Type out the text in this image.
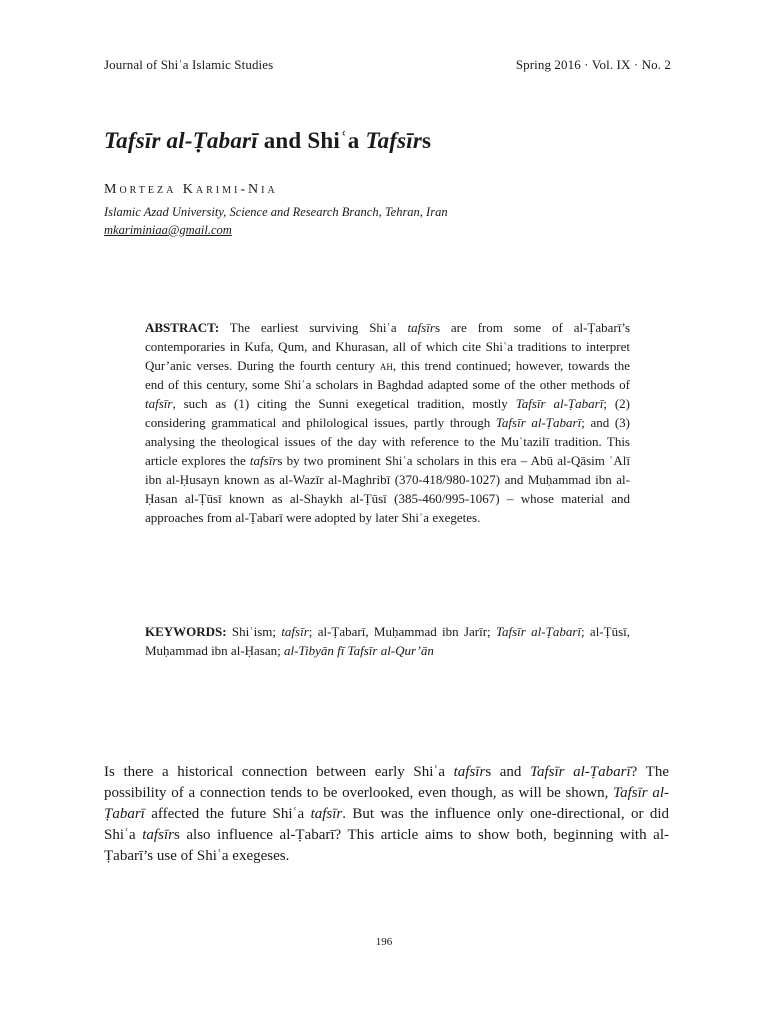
Journal of Shiʿa Islamic Studies	Spring 2016 · Vol. IX · No. 2
Tafsīr al-Ṭabarī and Shiʿa Tafsīrs
Morteza Karimi-Nia
Islamic Azad University, Science and Research Branch, Tehran, Iran
mkariminiaa@gmail.com

ABSTRACT: The earliest surviving Shiʿa tafsīrs are from some of al-Ṭabarī’s contemporaries in Kufa, Qum, and Khurasan, all of which cite Shiʿa traditions to interpret Qur’anic verses. During the fourth century ah, this trend continued; however, towards the end of this century, some Shiʿa scholars in Baghdad adapted some of the other methods of tafsīr, such as (1) citing the Sunni exegetical tradition, mostly Tafsīr al-Ṭabarī; (2) considering grammatical and philological issues, partly through Tafsīr al-Ṭabarī; and (3) analysing the theological issues of the day with reference to the Muʿtazilī tradition. This article explores the tafsīrs by two prominent Shiʿa scholars in this era – Abū al-Qāsim ʿAlī ibn al-Ḥusayn known as al-Wazīr al-Maghribī (370-418/980-1027) and Muḥammad ibn al-Ḥasan al-Ṭūsī known as al-Shaykh al-Ṭūsī (385-460/995-1067) – whose material and approaches from al-Ṭabarī were adopted by later Shiʿa exegetes.

KEYWORDS: Shiʿism; tafsīr; al-Ṭabarī, Muḥammad ibn Jarīr; Tafsīr al-Ṭabarī; al-Ṭūsī, Muḥammad ibn al-Ḥasan; al-Tibyān fī Tafsīr al-Qur’ān

Is there a historical connection between early Shiʿa tafsīrs and Tafsīr al-Ṭabarī? The possibility of a connection tends to be overlooked, even though, as will be shown, Tafsīr al-Ṭabarī affected the future Shiʿa tafsīr. But was the influence only one-directional, or did Shiʿa tafsīrs also influence al-Ṭabarī? This article aims to show both, beginning with al-Ṭabarī’s use of Shiʿa exegeses.

196
